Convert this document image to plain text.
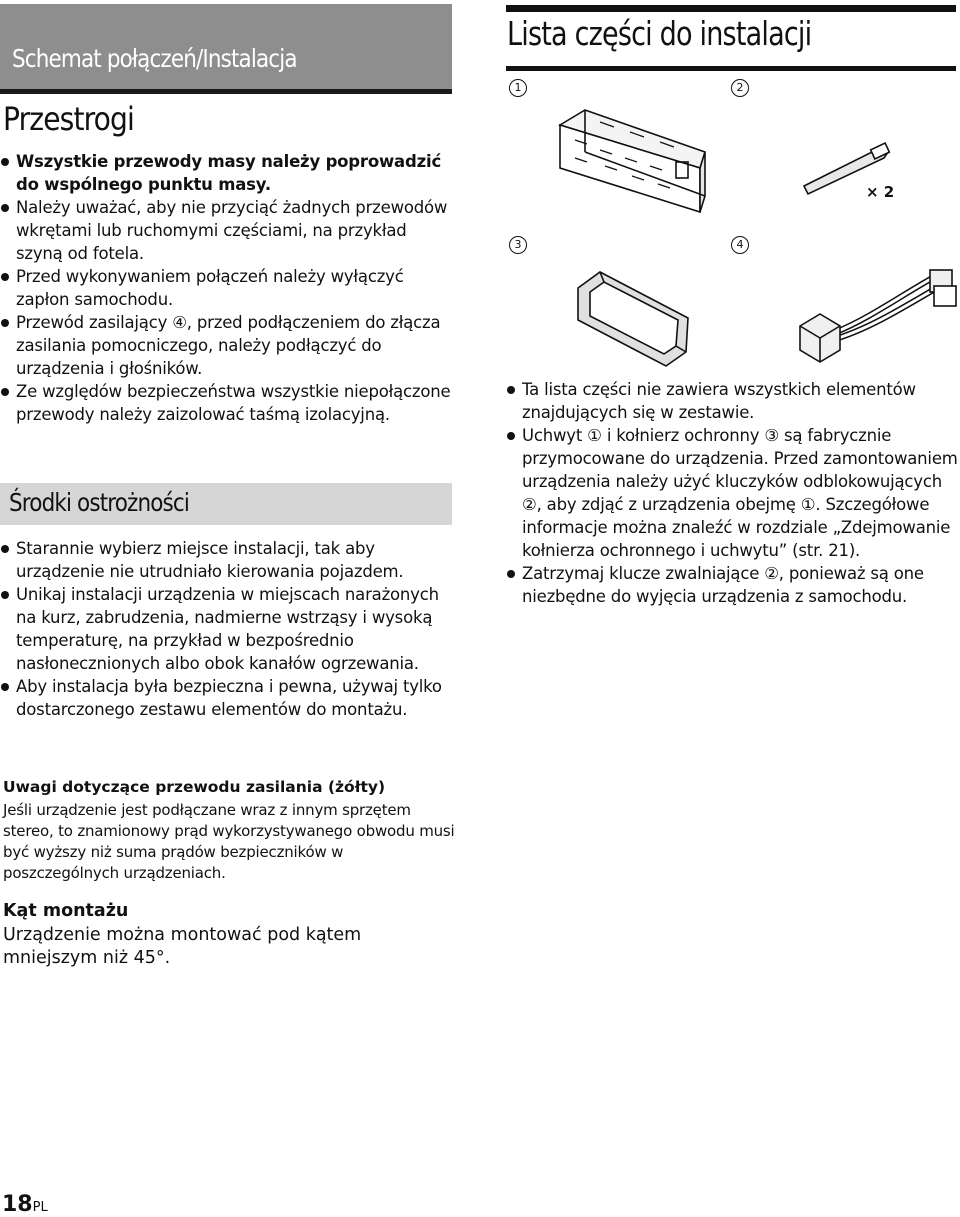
Schemat połączeń/Instalacja
Przestrogi
Wszystkie przewody masy należy poprowadzić do wspólnego punktu masy.
Należy uważać, aby nie przyciąć żadnych przewodów wkrętami lub ruchomymi częściami, na przykład szyną od fotela.
Przed wykonywaniem połączeń należy wyłączyć zapłon samochodu.
Przewód zasilający ④, przed podłączeniem do złącza zasilania pomocniczego, należy podłączyć do urządzenia i głośników.
Ze względów bezpieczeństwa wszystkie niepołączone przewody należy zaizolować taśmą izolacyjną.
Środki ostrożności
Starannie wybierz miejsce instalacji, tak aby urządzenie nie utrudniało kierowania pojazdem.
Unikaj instalacji urządzenia w miejscach narażonych na kurz, zabrudzenia, nadmierne wstrząsy i wysoką temperaturę, na przykład w bezpośrednio nasłonecznionych albo obok kanałów ogrzewania.
Aby instalacja była bezpieczna i pewna, używaj tylko dostarczonego zestawu elementów do montażu.
Uwagi dotyczące przewodu zasilania (żółty)
Jeśli urządzenie jest podłączane wraz z innym sprzętem stereo, to znamionowy prąd wykorzystywanego obwodu musi być wyższy niż suma prądów bezpieczników w poszczególnych urządzeniach.
Kąt montażu
Urządzenie można montować pod kątem mniejszym niż 45°.
18PL
Lista części do instalacji
1	2
3	4
× 2
Ta lista części nie zawiera wszystkich elementów znajdujących się w zestawie.
Uchwyt ① i kołnierz ochronny ③ są fabrycznie przymocowane do urządzenia. Przed zamontowaniem urządzenia należy użyć kluczyków odblokowujących ②, aby zdjąć z urządzenia obejmę ①. Szczegółowe informacje można znaleźć w rozdziale „Zdejmowanie kołnierza ochronnego i uchwytu” (str. 21).
Zatrzymaj klucze zwalniające ②, ponieważ są one niezbędne do wyjęcia urządzenia z samochodu.
